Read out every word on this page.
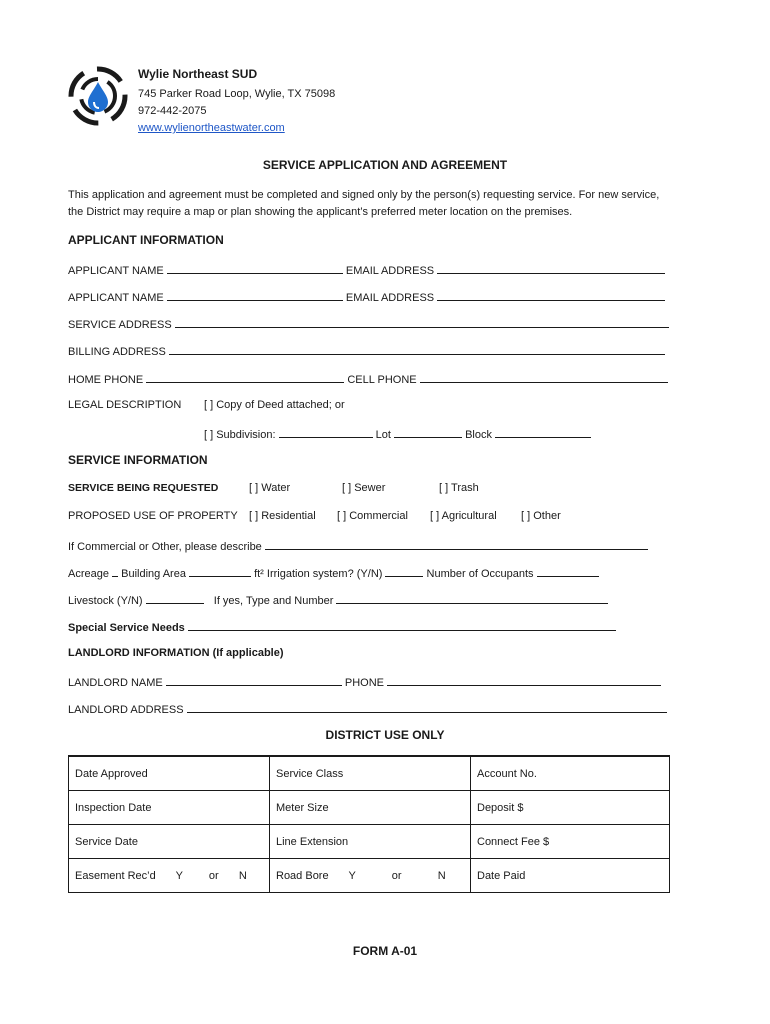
Wylie Northeast SUD
745 Parker Road Loop, Wylie, TX 75098
972-442-2075
www.wylienortheastwater.com
SERVICE APPLICATION AND AGREEMENT
This application and agreement must be completed and signed only by the person(s) requesting service. For new service,
the District may require a map or plan showing the applicant’s preferred meter location on the premises.
APPLICANT INFORMATION
APPLICANT NAME	EMAIL ADDRESS
APPLICANT NAME	EMAIL ADDRESS
SERVICE ADDRESS
BILLING ADDRESS
HOME PHONE	CELL PHONE
LEGAL DESCRIPTION [ ] Copy of Deed attached; or
[ ] Subdivision:	Lot	Block
SERVICE INFORMATION
SERVICE BEING REQUESTED	[ ] Water	[ ] Sewer	[ ] Trash
PROPOSED USE OF PROPERTY [ ] Residential [ ] Commercial [ ] Agricultural [ ] Other
If Commercial or Other, please describe
Acreage Building Area	ft² Irrigation system? (Y/N)	Number of Occupants
Livestock (Y/N)	If yes, Type and Number
Special Service Needs
LANDLORD INFORMATION (If applicable)
LANDLORD NAME	PHONE
LANDLORD ADDRESS
DISTRICT USE ONLY
Date Approved	Service Class	Account No.
Inspection Date	Meter Size	Deposit $
Service Date	Line Extension	Connect Fee $
Easement Rec’d Y or N	Road Bore Y or N	Date Paid
FORM A-01
